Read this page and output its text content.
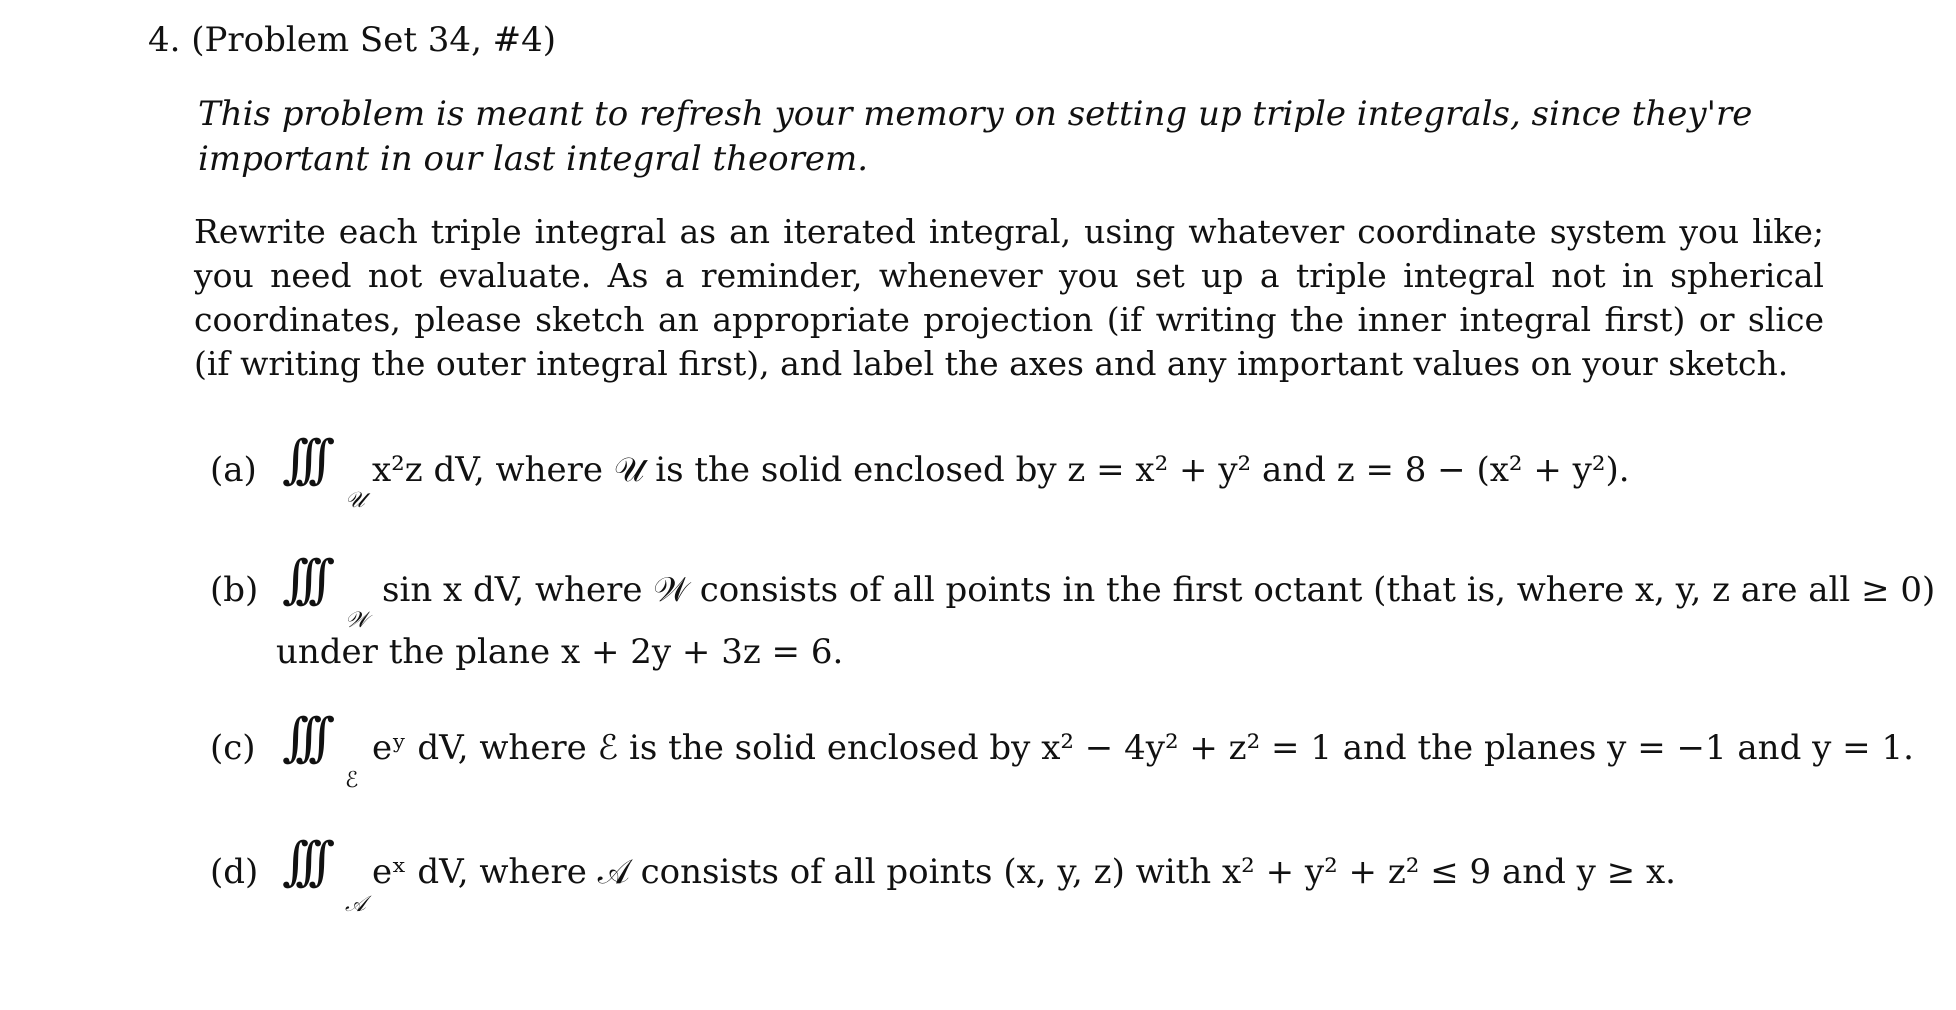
4. (Problem Set 34, #4)
This problem is meant to refresh your memory on setting up triple integrals, since they're important in our last integral theorem.
Rewrite each triple integral as an iterated integral, using whatever coordinate system you like; you need not evaluate. As a reminder, whenever you set up a triple integral not in spherical coordinates, please sketch an appropriate projection (if writing the inner integral first) or slice (if writing the outer integral first), and label the axes and any important values on your sketch.
(a) ∫∫∫
𝒰
x²z dV, where 𝒰 is the solid enclosed by z = x² + y² and z = 8 − (x² + y²).
(b) ∫∫∫
𝒲
sin x dV, where 𝒲 consists of all points in the first octant (that is, where x, y, z are all ≥ 0)
under the plane x + 2y + 3z = 6.
(c) ∫∫∫
ℰ
eʸ dV, where ℰ is the solid enclosed by x² − 4y² + z² = 1 and the planes y = −1 and y = 1.
(d) ∫∫∫
𝒜
eˣ dV, where 𝒜 consists of all points (x, y, z) with x² + y² + z² ≤ 9 and y ≥ x.
